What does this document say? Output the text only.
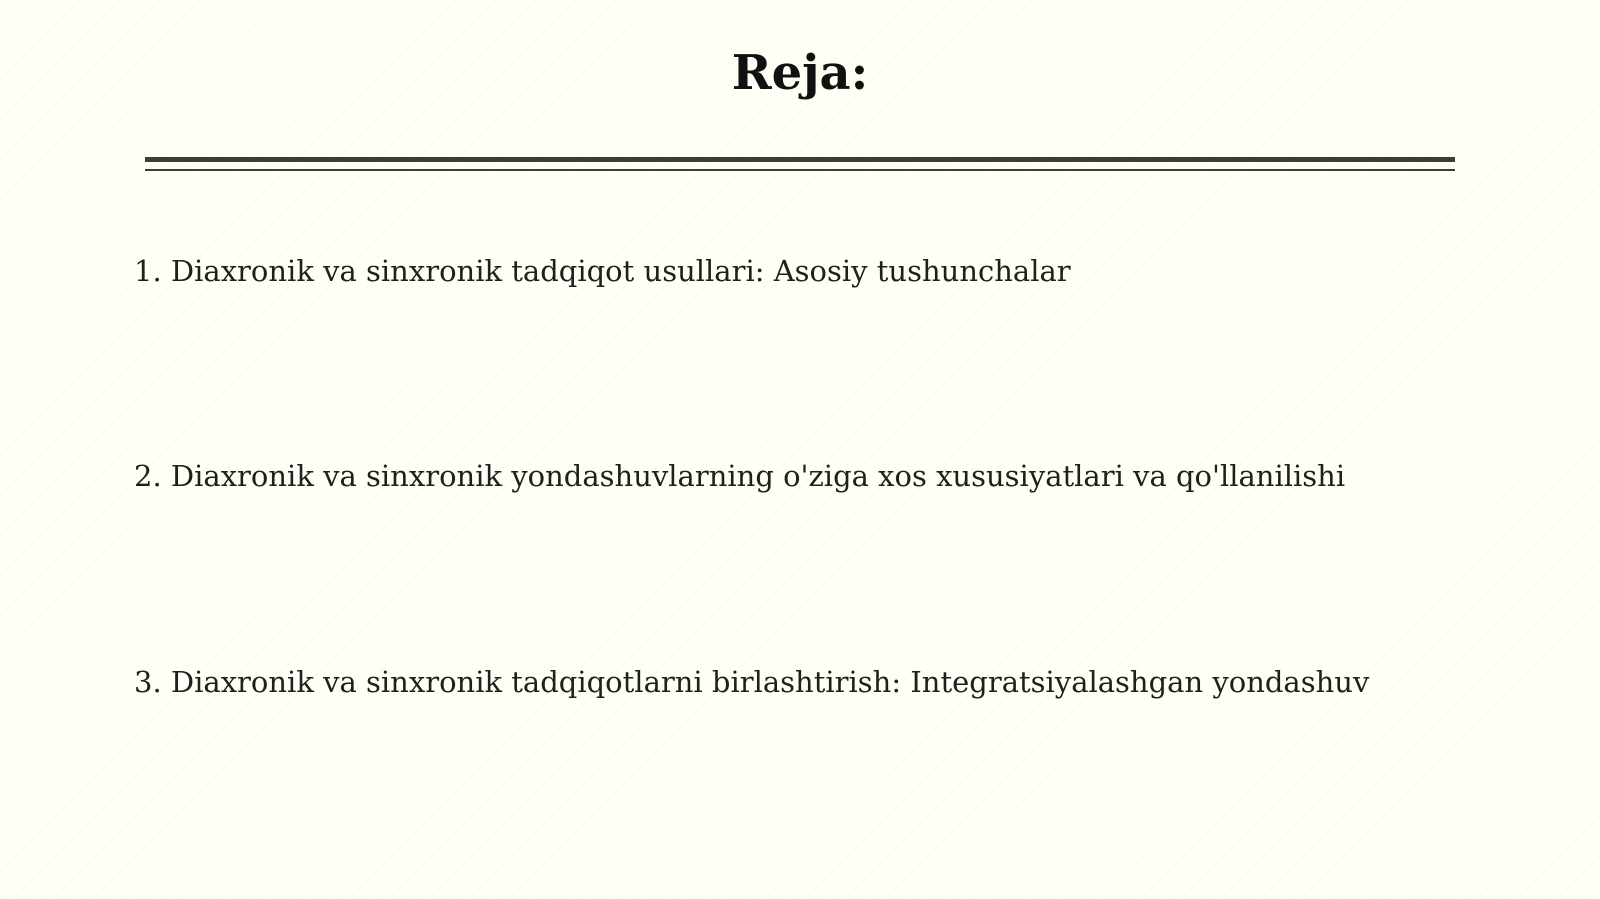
Reja:
1. Diaxronik va sinxronik tadqiqot usullari: Asosiy tushunchalar
2. Diaxronik va sinxronik yondashuvlarning o'ziga xos xususiyatlari va qo'llanilishi
3. Diaxronik va sinxronik tadqiqotlarni birlashtirish: Integratsiyalashgan yondashuv
